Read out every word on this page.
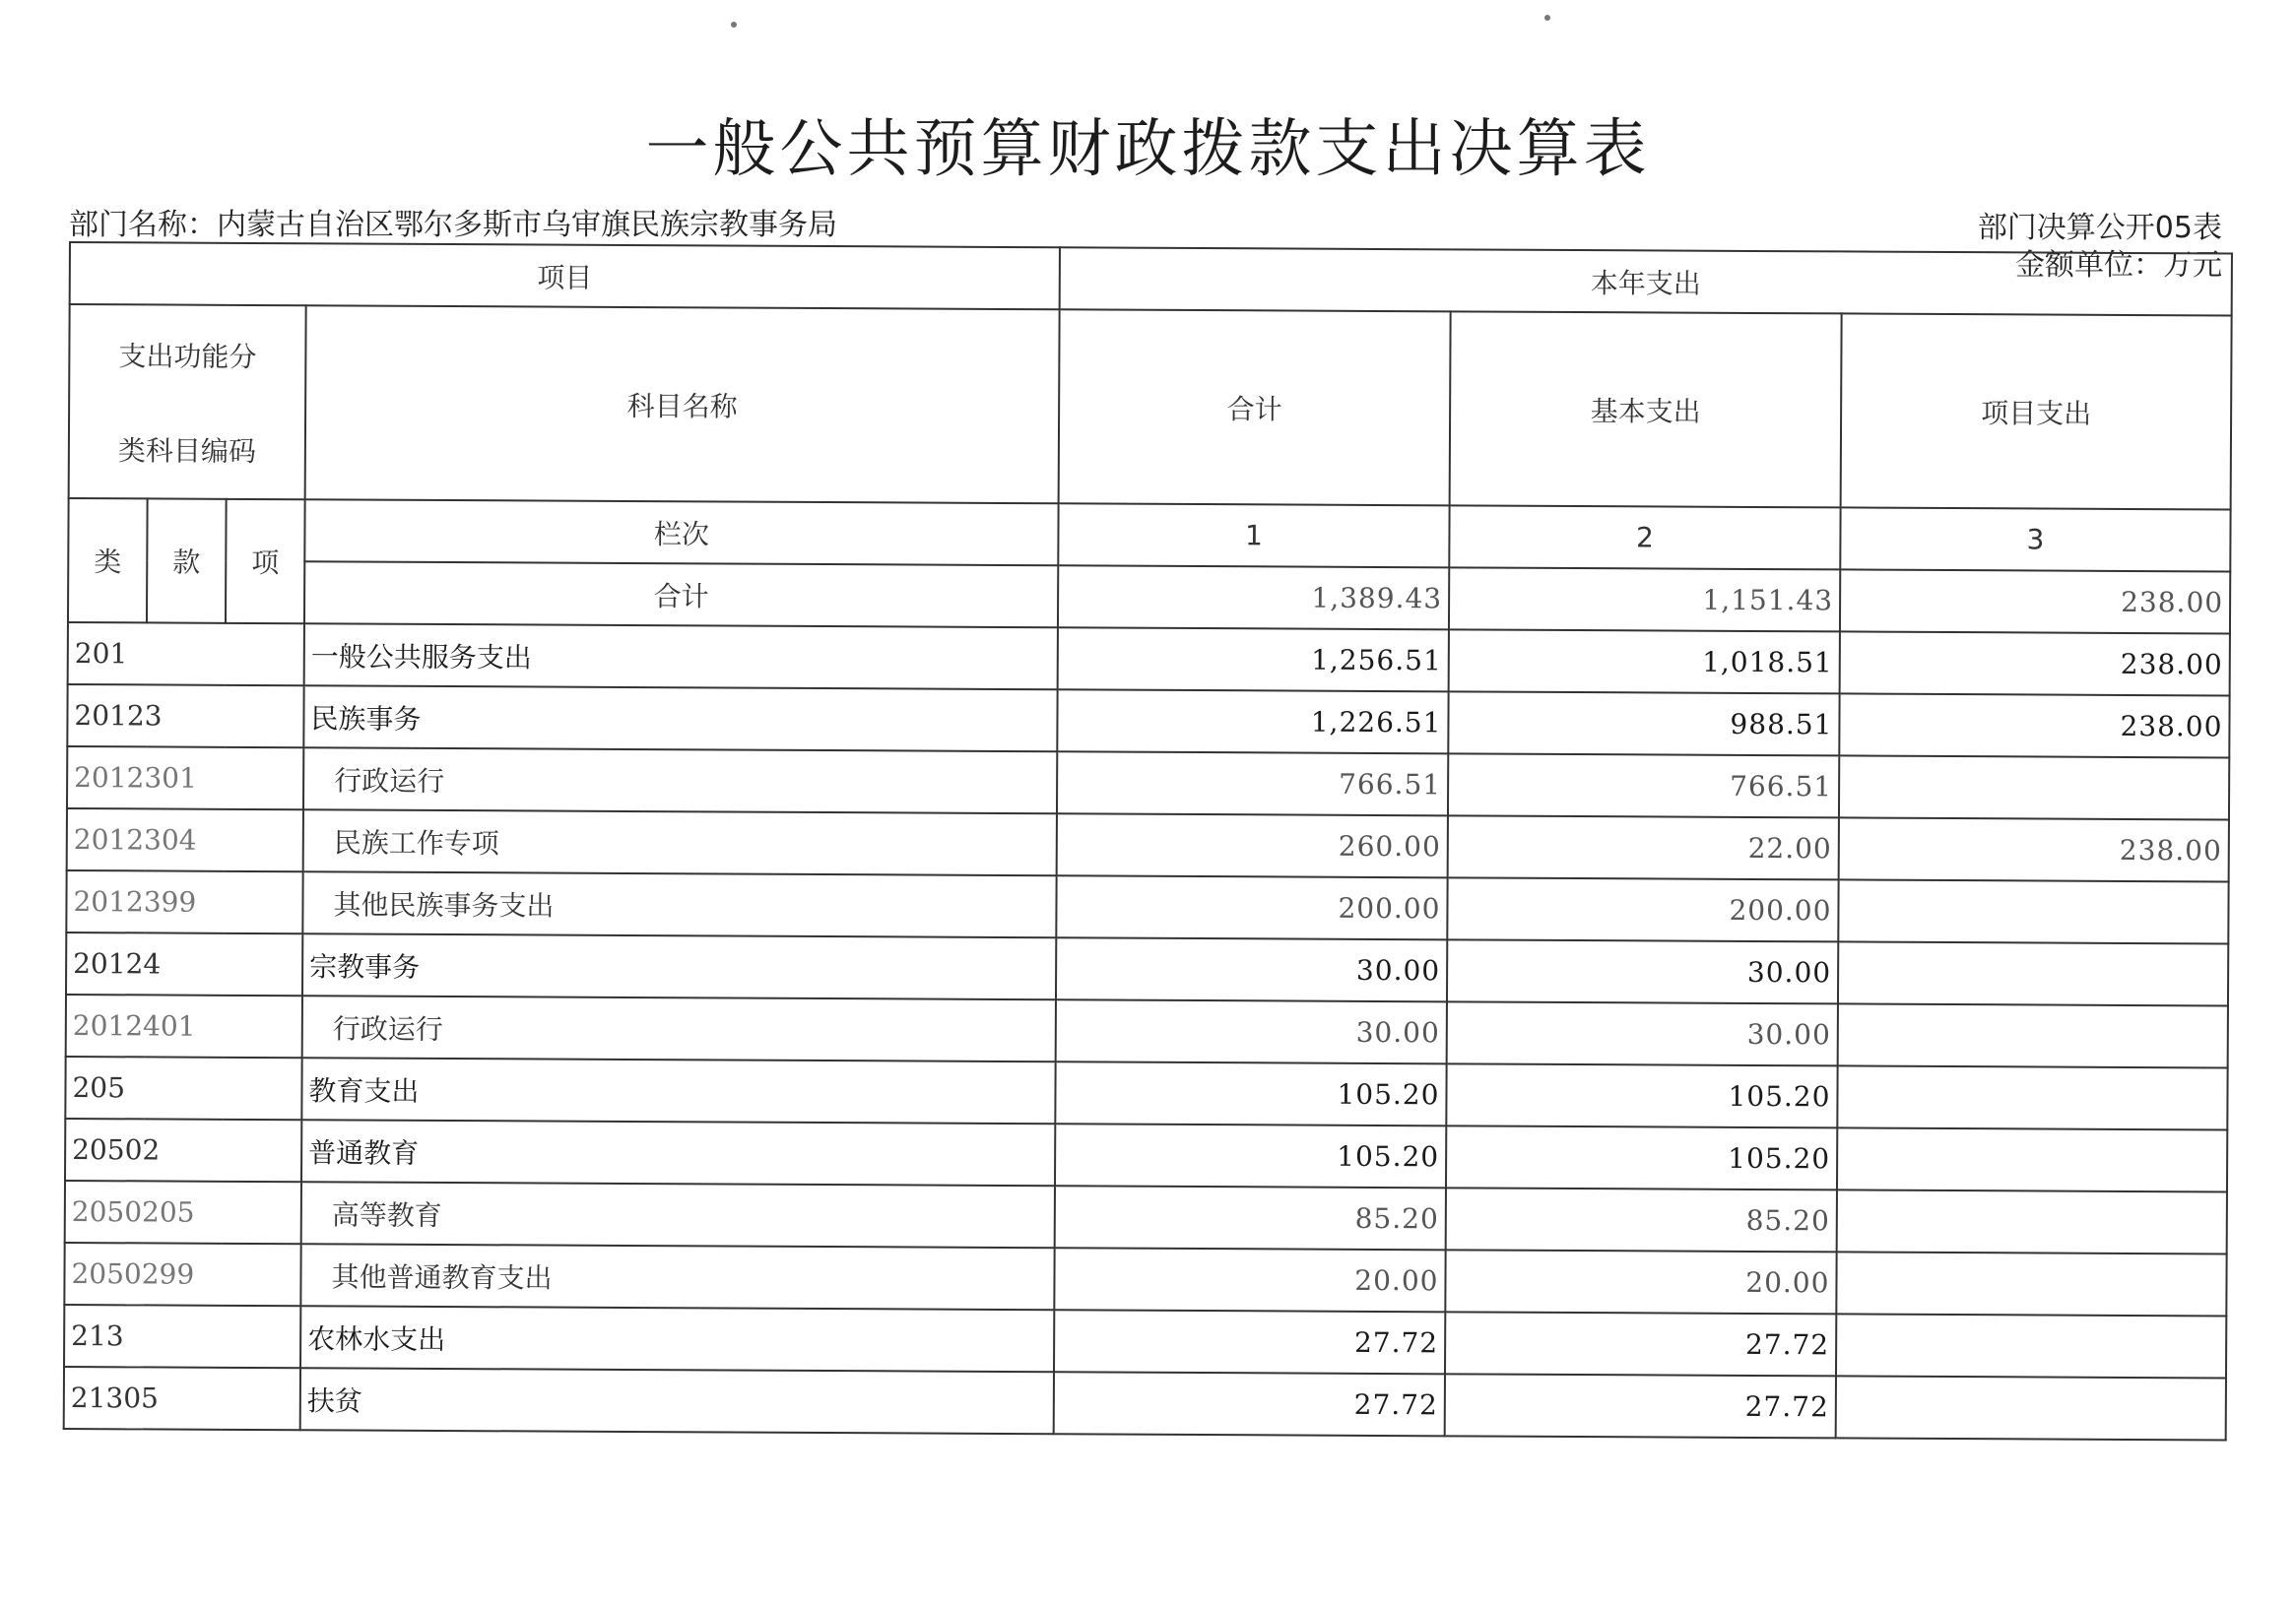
一般公共预算财政拨款支出决算表
部门名称：内蒙古自治区鄂尔多斯市乌审旗民族宗教事务局	部门决算公开05表
金额单位：万元
项目				本年支出		

支出功能分
类科目编码			科目名称	合计	基本支出	项目支出
类	款	项	栏次	1	2	3
			合计	1,389.43	1,151.43	238.00
201			一般公共服务支出	1,256.51	1,018.51	238.00
20123			民族事务	1,226.51	988.51	238.00
2012301			行政运行	766.51	766.51	
2012304			民族工作专项	260.00	22.00	238.00
2012399			其他民族事务支出	200.00	200.00	
20124			宗教事务	30.00	30.00	
2012401			行政运行	30.00	30.00	
205			教育支出	105.20	105.20	
20502			普通教育	105.20	105.20	
2050205			高等教育	85.20	85.20	
2050299			其他普通教育支出	20.00	20.00	
213			农林水支出	27.72	27.72	
21305			扶贫	27.72	27.72	
